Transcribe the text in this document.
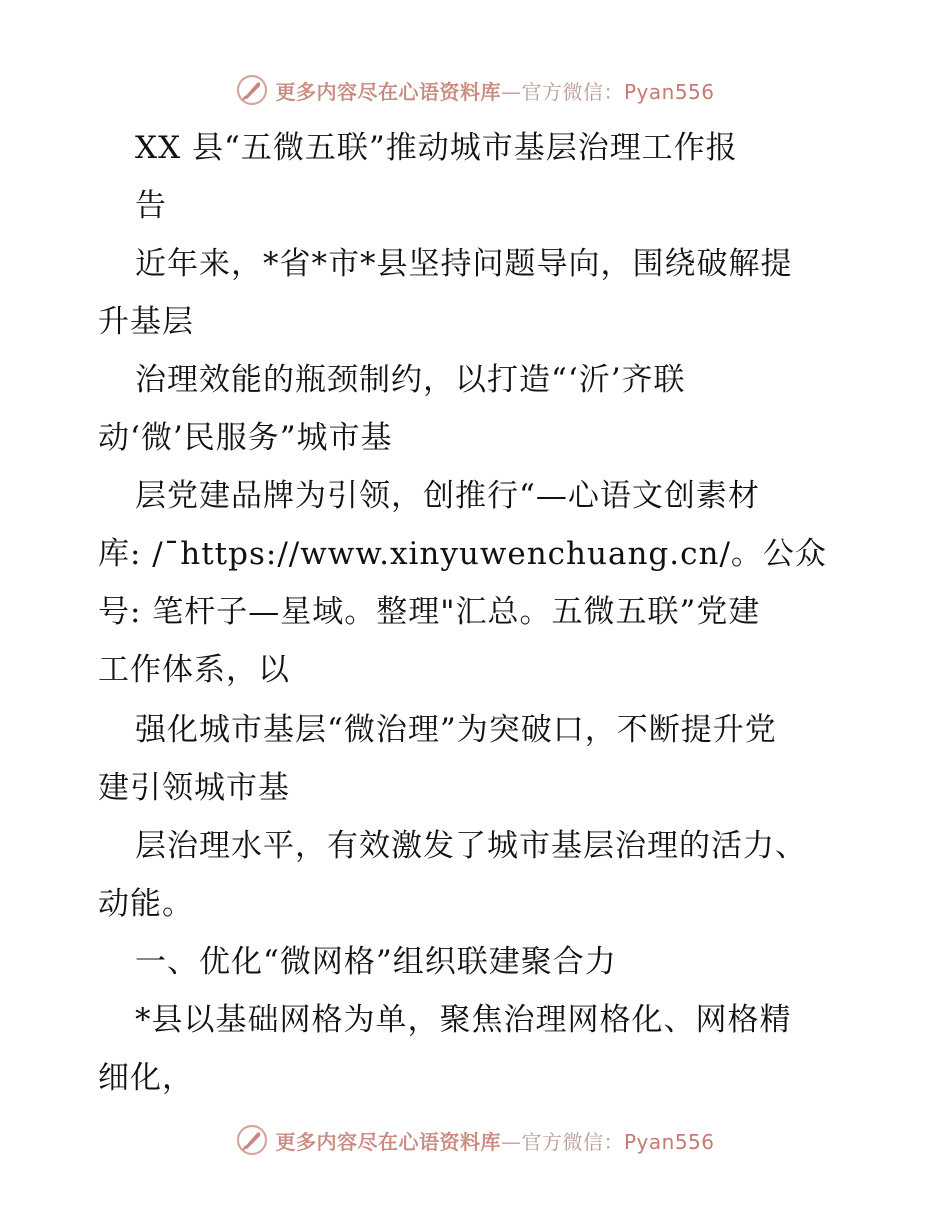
更多内容尽在心语资料库—官方微信：Pyan556
XX 县“五微五联”推动城市基层治理工作报
告
近年来，*省*市*县坚持问题导向，围绕破解提
升基层
治理效能的瓶颈制约，以打造“‘沂’齐联
动‘微’民服务”城市基
层党建品牌为引领，创推行“—心语文创素材
库: /¯https://www.xinyuwenchuang.cn/。公众
号: 笔杆子—星域。整理"汇总。五微五联”党建
工作体系，以
强化城市基层“微治理”为突破口，不断提升党
建引领城市基
层治理水平，有效激发了城市基层治理的活力、
动能。
一、优化“微网格”组织联建聚合力
*县以基础网格为单，聚焦治理网格化、网格精
细化，
更多内容尽在心语资料库—官方微信：Pyan556
